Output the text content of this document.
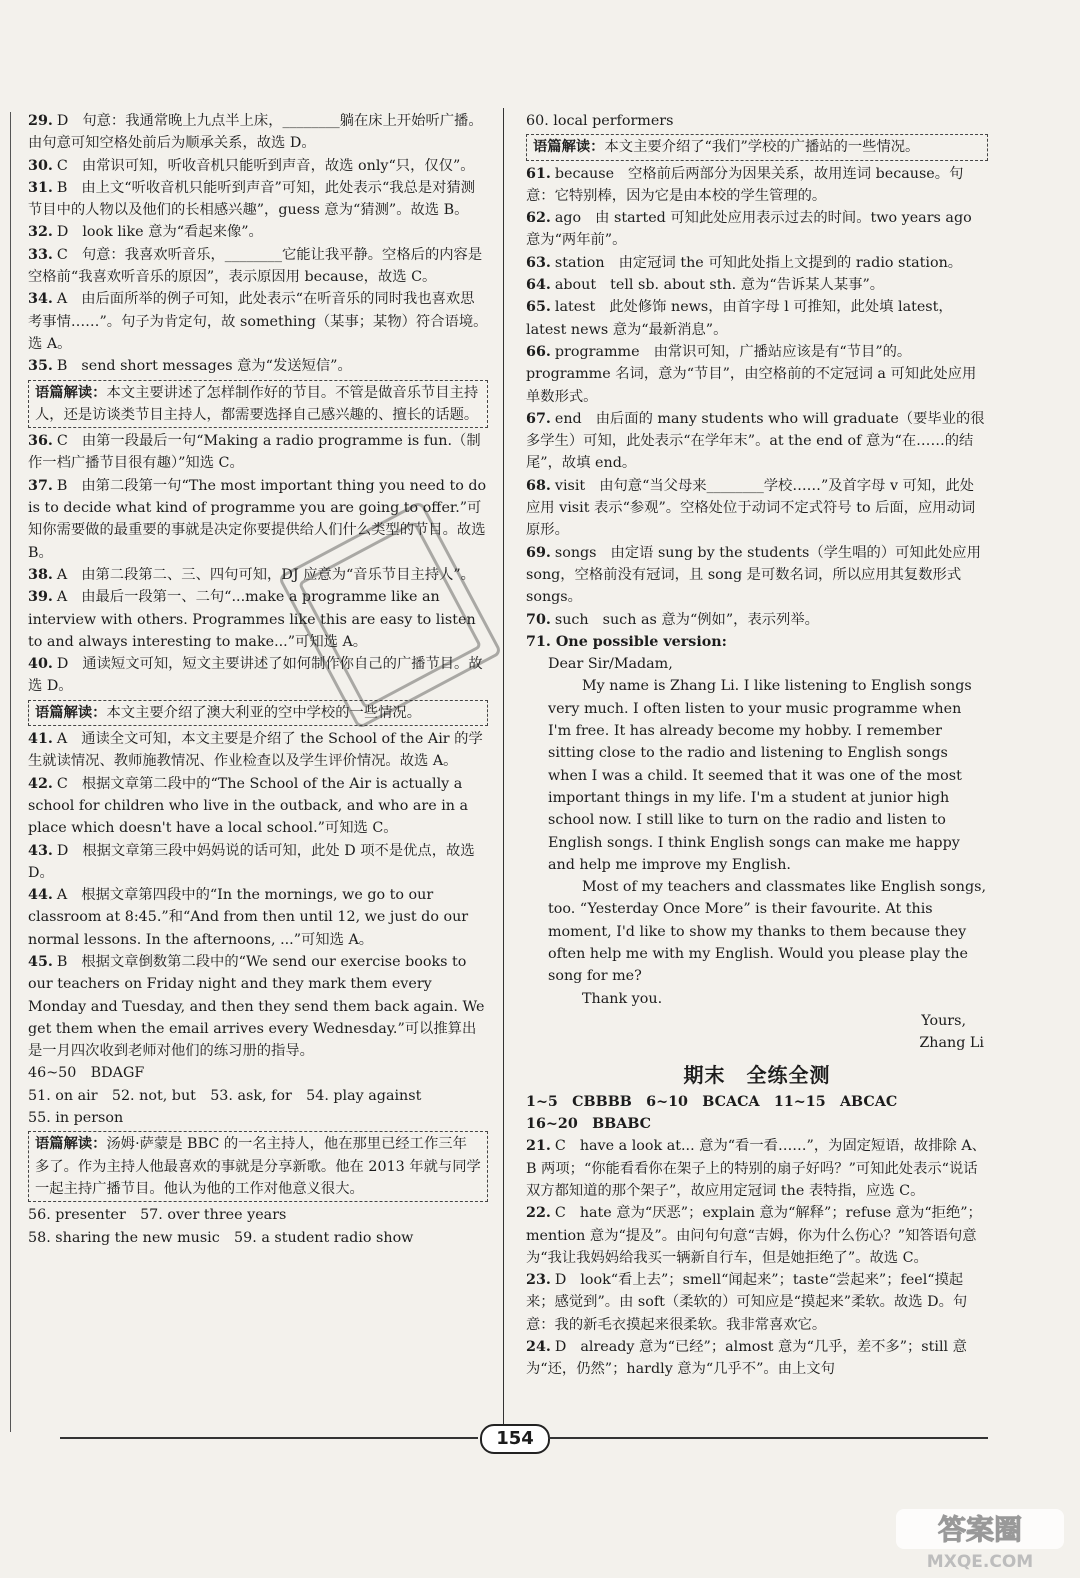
29. D 句意：我通常晚上九点半上床，________躺在床上开始听广播。由句意可知空格处前后为顺承关系，故选 D。
30. C 由常识可知，听收音机只能听到声音，故选 only“只，仅仅”。
31. B 由上文“听收音机只能听到声音”可知，此处表示“我总是对猜测节目中的人物以及他们的长相感兴趣”，guess 意为“猜测”。故选 B。
32. D look like 意为“看起来像”。
33. C 句意：我喜欢听音乐，________它能让我平静。空格后的内容是空格前“我喜欢听音乐的原因”，表示原因用 because，故选 C。
34. A 由后面所举的例子可知，此处表示“在听音乐的同时我也喜欢思考事情……”。句子为肯定句，故 something（某事；某物）符合语境。选 A。
35. B send short messages 意为“发送短信”。
语篇解读：本文主要讲述了怎样制作好的节目。不管是做音乐节目主持人，还是访谈类节目主持人，都需要选择自己感兴趣的、擅长的话题。
36. C 由第一段最后一句“Making a radio programme is fun.（制作一档广播节目很有趣）”知选 C。
37. B 由第二段第一句“The most important thing you need to do is to decide what kind of programme you are going to offer.”可知你需要做的最重要的事就是决定你要提供给人们什么类型的节目。故选 B。
38. A 由第二段第二、三、四句可知，DJ 应意为“音乐节目主持人”。
39. A 由最后一段第一、二句“...make a programme like an interview with others. Programmes like this are easy to listen to and always interesting to make...”可知选 A。
40. D 通读短文可知，短文主要讲述了如何制作你自己的广播节目。故选 D。
语篇解读：本文主要介绍了澳大利亚的空中学校的一些情况。
41. A 通读全文可知，本文主要是介绍了 the School of the Air 的学生就读情况、教师施教情况、作业检查以及学生评价情况。故选 A。
42. C 根据文章第二段中的“The School of the Air is actually a school for children who live in the outback, and who are in a place which doesn't have a local school.”可知选 C。
43. D 根据文章第三段中妈妈说的话可知，此处 D 项不是优点，故选 D。
44. A 根据文章第四段中的“In the mornings, we go to our classroom at 8:45.”和“And from then until 12, we just do our normal lessons. In the afternoons, ...”可知选 A。
45. B 根据文章倒数第二段中的“We send our exercise books to our teachers on Friday night and they mark them every Monday and Tuesday, and then they send them back again. We get them when the email arrives every Wednesday.”可以推算出是一月四次收到老师对他们的练习册的指导。
46~50　BDAGF
51. on air　52. not, but　53. ask, for　54. play against
55. in person
语篇解读：汤姆·萨蒙是 BBC 的一名主持人，他在那里已经工作三年多了。作为主持人他最喜欢的事就是分享新歌。他在 2013 年就与同学一起主持广播节目。他认为他的工作对他意义很大。
56. presenter　57. over three years
58. sharing the new music　59. a student radio show
60. local performers
语篇解读：本文主要介绍了“我们”学校的广播站的一些情况。
61. because 空格前后两部分为因果关系，故用连词 because。句意：它特别棒，因为它是由本校的学生管理的。
62. ago 由 started 可知此处应用表示过去的时间。two years ago 意为“两年前”。
63. station 由定冠词 the 可知此处指上文提到的 radio station。
64. about tell sb. about sth. 意为“告诉某人某事”。
65. latest 此处修饰 news，由首字母 l 可推知，此处填 latest，latest news 意为“最新消息”。
66. programme 由常识可知，广播站应该是有“节目”的。programme 名词，意为“节目”，由空格前的不定冠词 a 可知此处应用单数形式。
67. end 由后面的 many students who will graduate（要毕业的很多学生）可知，此处表示“在学年末”。at the end of 意为“在……的结尾”，故填 end。
68. visit 由句意“当父母来________学校……”及首字母 v 可知，此处应用 visit 表示“参观”。空格处位于动词不定式符号 to 后面，应用动词原形。
69. songs 由定语 sung by the students（学生唱的）可知此处应用 song，空格前没有冠词，且 song 是可数名词，所以应用其复数形式 songs。
70. such such as 意为“例如”，表示列举。
71. One possible version:
Dear Sir/Madam,

My name is Zhang Li. I like listening to English songs very much. I often listen to your music programme when I'm free. It has already become my hobby. I remember sitting close to the radio and listening to English songs when I was a child. It seemed that it was one of the most important things in my life. I'm a student at junior high school now. I still like to turn on the radio and listen to English songs. I think English songs can make me happy and help me improve my English.

Most of my teachers and classmates like English songs, too. “Yesterday Once More” is their favourite. At this moment, I'd like to show my thanks to them because they often help me with my English. Would you please play the song for me?

Thank you.

Yours,
Zhang Li
期末　全练全测
1~5　CBBBB　6~10　BCACA　11~15　ABCAC
16~20　BBABC
21. C have a look at... 意为“看一看……”，为固定短语，故排除 A、B 两项；“你能看看你在架子上的特别的扇子好吗？”可知此处表示“说话双方都知道的那个架子”，故应用定冠词 the 表特指，应选 C。
22. C hate 意为“厌恶”；explain 意为“解释”；refuse 意为“拒绝”；mention 意为“提及”。由问句句意“吉姆，你为什么伤心？”知答语句意为“我让我妈妈给我买一辆新自行车，但是她拒绝了”。故选 C。
23. D look“看上去”；smell“闻起来”；taste“尝起来”；feel“摸起来；感觉到”。由 soft（柔软的）可知应是“摸起来”柔软。故选 D。句意：我的新毛衣摸起来很柔软。我非常喜欢它。
24. D already 意为“已经”；almost 意为“几乎，差不多”；still 意为“还，仍然”；hardly 意为“几乎不”。由上文句
154
答案圈
MXQE.COM
